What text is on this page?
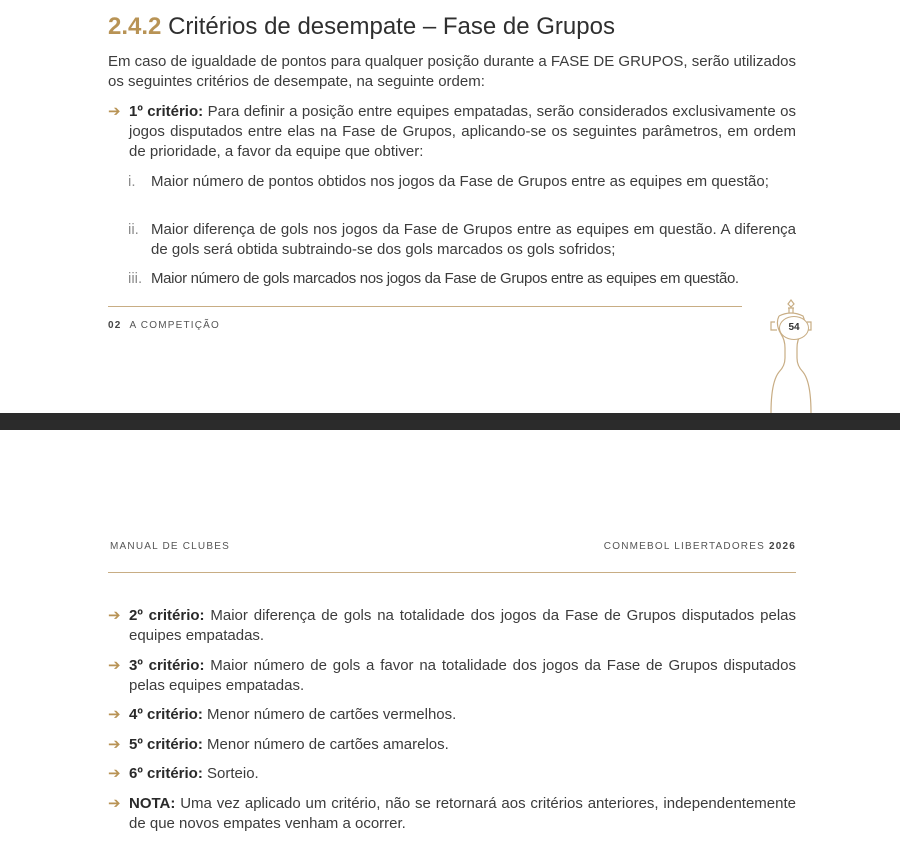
2.4.2 Critérios de desempate – Fase de Grupos

Em caso de igualdade de pontos para qualquer posição durante a FASE DE GRUPOS, serão utilizados os seguintes critérios de desempate, na seguinte ordem:

➔ 1º critério: Para definir a posição entre equipes empatadas, serão considerados exclusivamente os jogos disputados entre elas na Fase de Grupos, aplicando-se os seguintes parâmetros, em ordem de prioridade, a favor da equipe que obtiver:
i. Maior número de pontos obtidos nos jogos da Fase de Grupos entre as equipes em questão;
ii. Maior diferença de gols nos jogos da Fase de Grupos entre as equipes em questão. A diferença de gols será obtida subtraindo-se dos gols marcados os gols sofridos;
iii. Maior número de gols marcados nos jogos da Fase de Grupos entre as equipes em questão.
02 A COMPETIÇÃO	54
MANUAL DE CLUBES	CONMEBOL LIBERTADORES 2026
➔ 2º critério: Maior diferença de gols na totalidade dos jogos da Fase de Grupos disputados pelas equipes empatadas.
➔ 3º critério: Maior número de gols a favor na totalidade dos jogos da Fase de Grupos disputados pelas equipes empatadas.
➔ 4º critério: Menor número de cartões vermelhos.
➔ 5º critério: Menor número de cartões amarelos.
➔ 6º critério: Sorteio.
➔ NOTA: Uma vez aplicado um critério, não se retornará aos critérios anteriores, independentemente de que novos empates venham a ocorrer.
